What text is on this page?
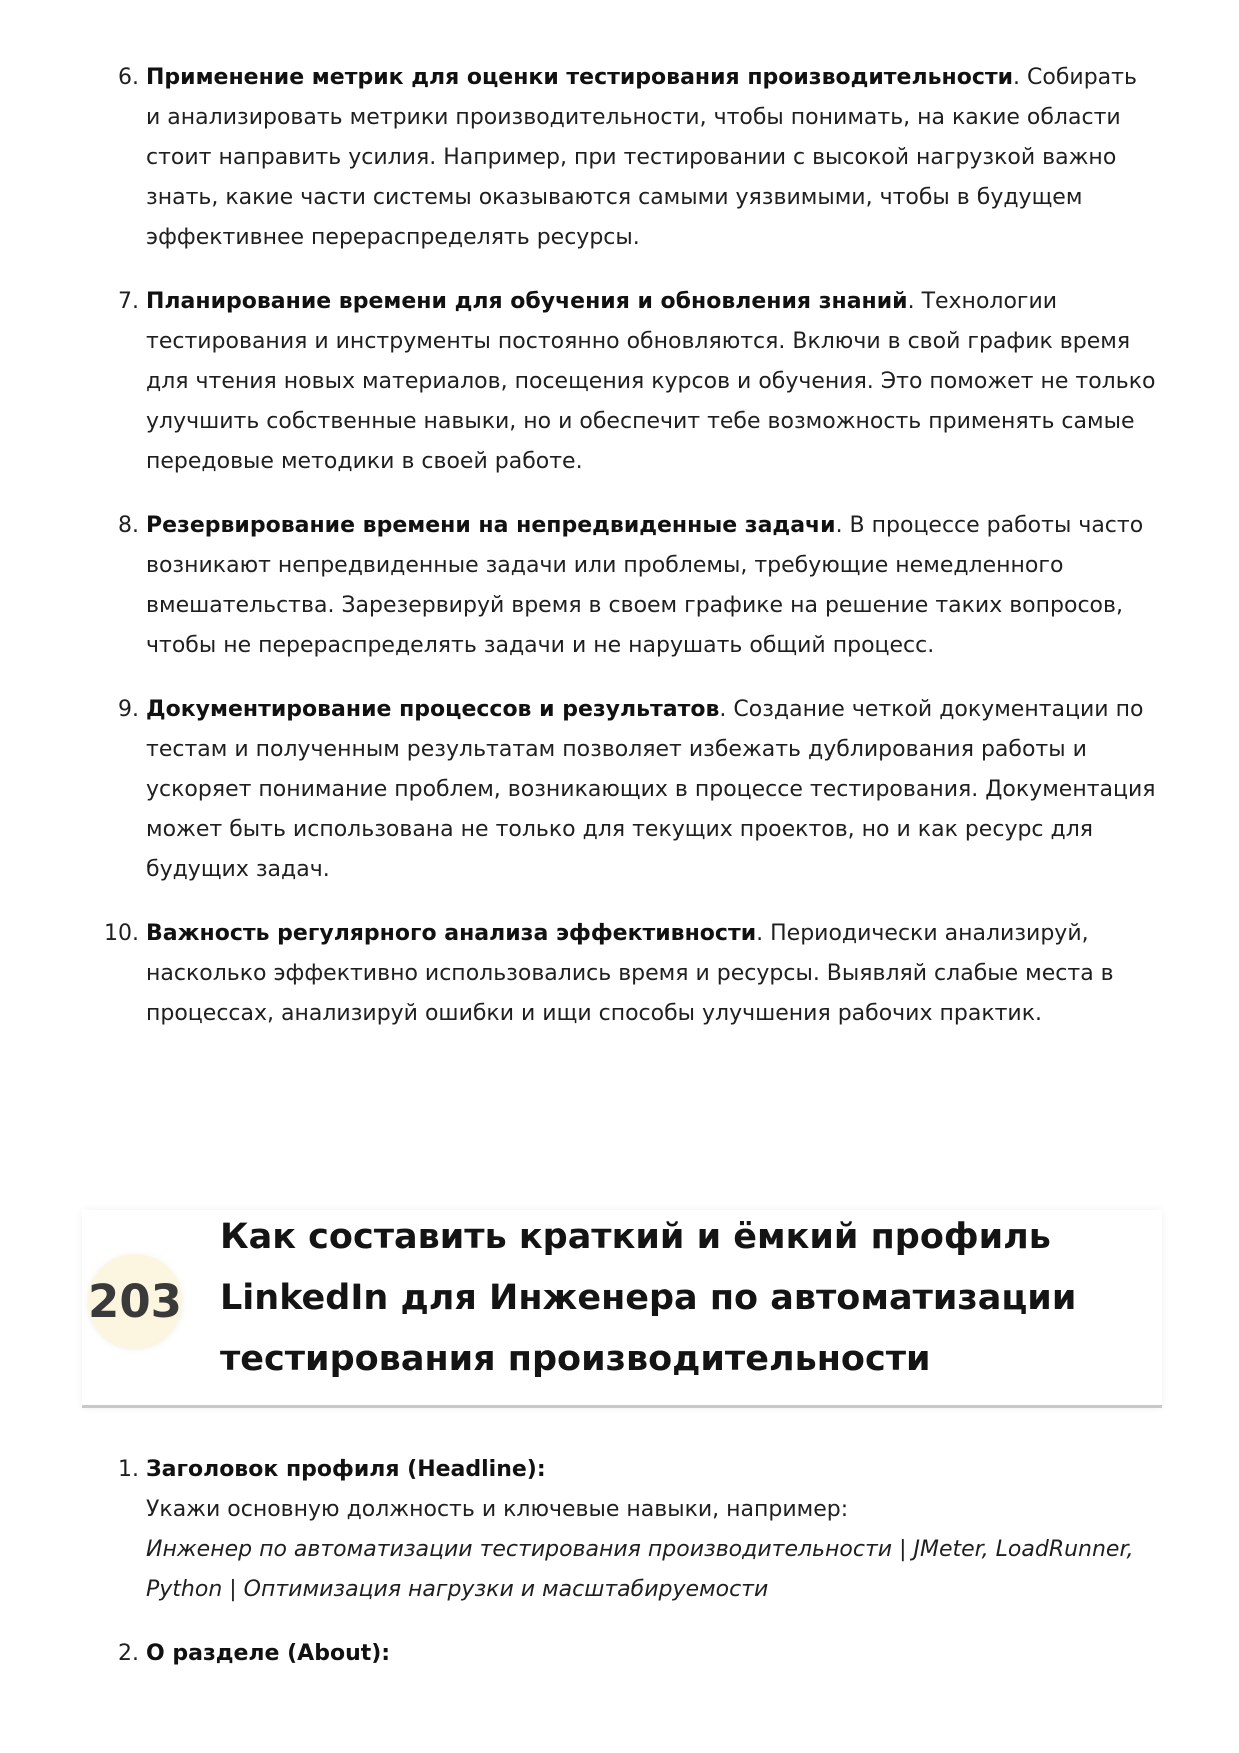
6. Применение метрик для оценки тестирования производительности. Собирать и анализировать метрики производительности, чтобы понимать, на какие области стоит направить усилия. Например, при тестировании с высокой нагрузкой важно знать, какие части системы оказываются самыми уязвимыми, чтобы в будущем эффективнее перераспределять ресурсы.
7. Планирование времени для обучения и обновления знаний. Технологии тестирования и инструменты постоянно обновляются. Включи в свой график время для чтения новых материалов, посещения курсов и обучения. Это поможет не только улучшить собственные навыки, но и обеспечит тебе возможность применять самые передовые методики в своей работе.
8. Резервирование времени на непредвиденные задачи. В процессе работы часто возникают непредвиденные задачи или проблемы, требующие немедленного вмешательства. Зарезервируй время в своем графике на решение таких вопросов, чтобы не перераспределять задачи и не нарушать общий процесс.
9. Документирование процессов и результатов. Создание четкой документации по тестам и полученным результатам позволяет избежать дублирования работы и ускоряет понимание проблем, возникающих в процессе тестирования. Документация может быть использована не только для текущих проектов, но и как ресурс для будущих задач.
10. Важность регулярного анализа эффективности. Периодически анализируй, насколько эффективно использовались время и ресурсы. Выявляй слабые места в процессах, анализируй ошибки и ищи способы улучшения рабочих практик.
203
Как составить краткий и ёмкий профиль LinkedIn для Инженера по автоматизации тестирования производительности
1. Заголовок профиля (Headline):
Укажи основную должность и ключевые навыки, например:
Инженер по автоматизации тестирования производительности | JMeter, LoadRunner, Python | Оптимизация нагрузки и масштабируемости
2. О разделе (About):
